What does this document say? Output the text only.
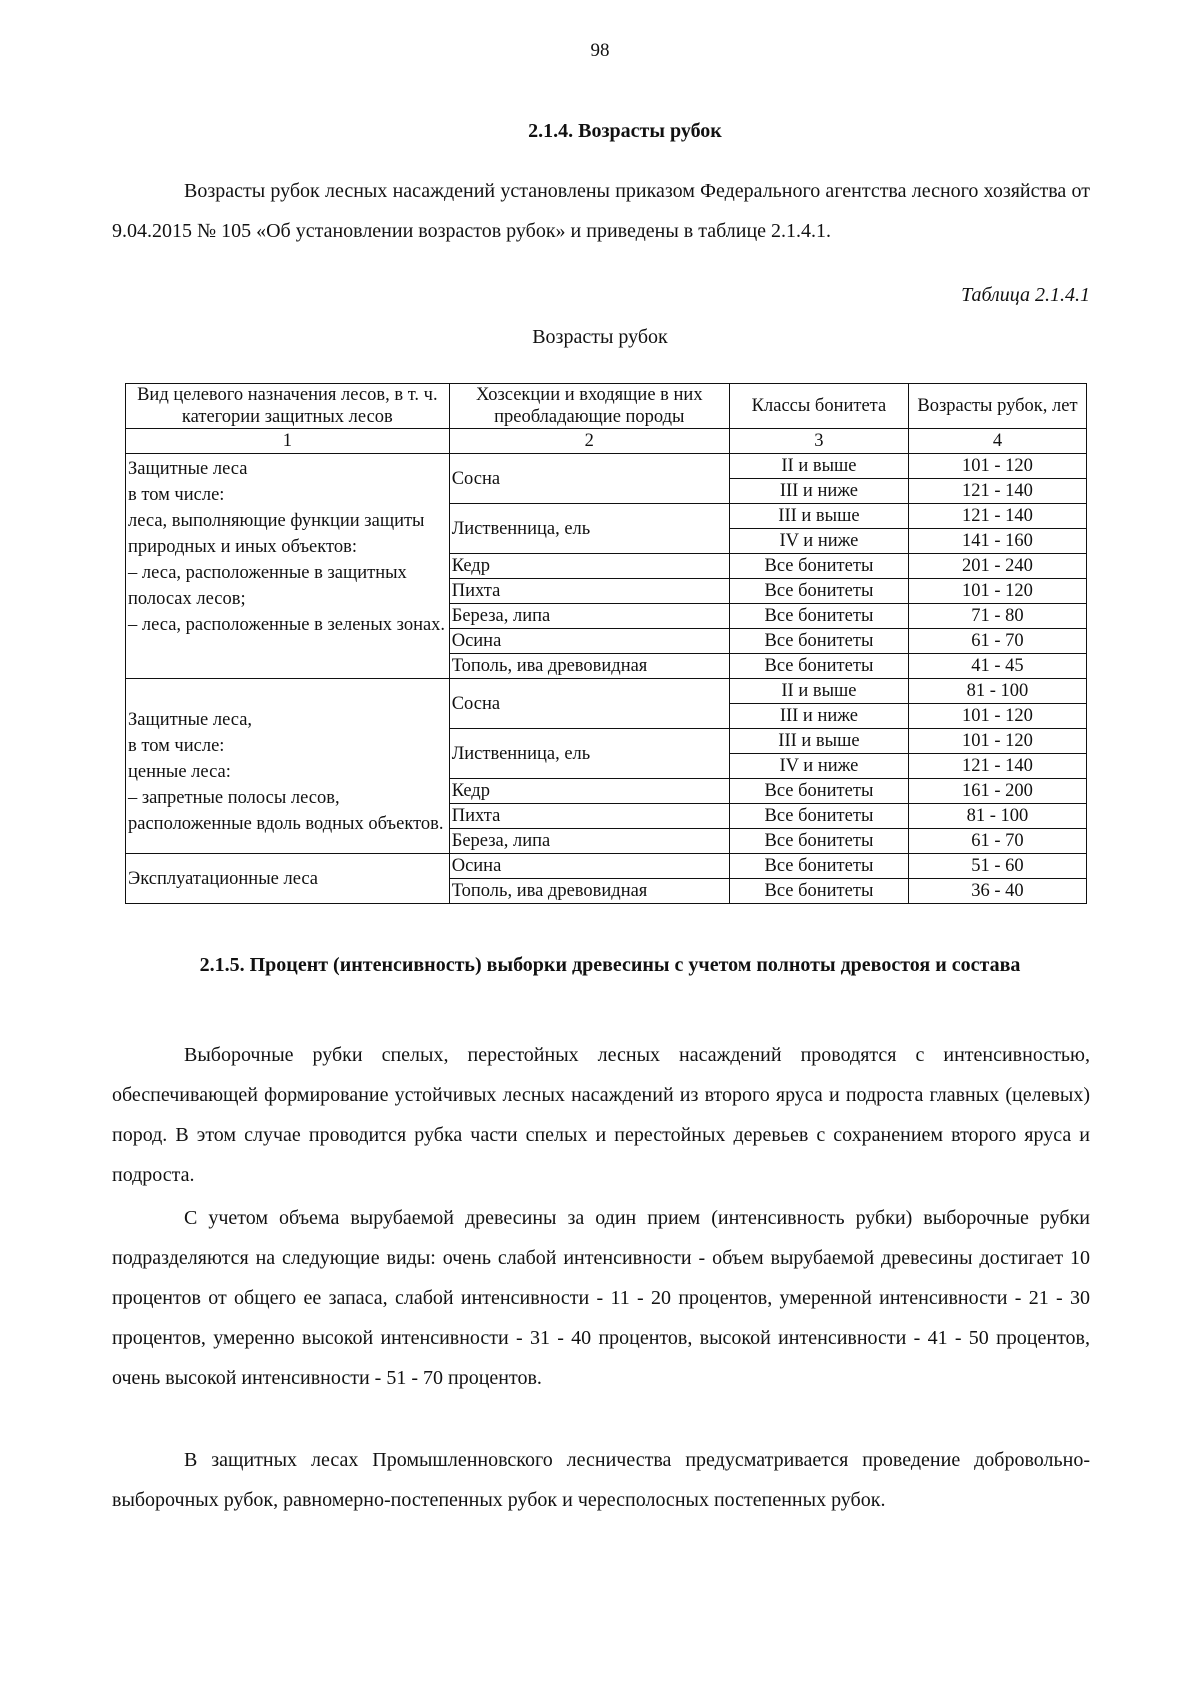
98
2.1.4. Возрасты рубок

Возрасты рубок лесных насаждений установлены приказом Федерального агентства лесного хозяйства от 9.04.2015 № 105 «Об установлении возрастов рубок» и приведены в таблице 2.1.4.1.

Таблица 2.1.4.1
Возрасты рубок
Вид целевого назначения лесов, в т. ч. категории защитных лесов	Хозсекции и входящие в них преобладающие породы	Классы бонитета	Возрасты рубок, лет
1	2	3	4
Защитные леса
в том числе:
леса, выполняющие функции защиты природных и иных объектов:
– леса, расположенные в защитных полосах лесов;
– леса, расположенные в зеленых зонах.	Сосна	II и выше	101 - 120
		III и ниже	121 - 140
	Лиственница, ель	III и выше	121 - 140
		IV и ниже	141 - 160
	Кедр	Все бонитеты	201 - 240
	Пихта	Все бонитеты	101 - 120
	Береза, липа	Все бонитеты	71 - 80
	Осина	Все бонитеты	61 - 70
	Тополь, ива древовидная	Все бонитеты	41 - 45

Защитные леса,
в том числе:
ценные леса:
– запретные полосы лесов, расположенные вдоль водных объектов.	Сосна	II и выше	81 - 100
		III и ниже	101 - 120
	Лиственница, ель	III и выше	101 - 120
		IV и ниже	121 - 140
	Кедр	Все бонитеты	161 - 200
	Пихта	Все бонитеты	81 - 100
	Береза, липа	Все бонитеты	61 - 70
Эксплуатационные леса	Осина	Все бонитеты	51 - 60
	Тополь, ива древовидная	Все бонитеты	36 - 40
2.1.5. Процент (интенсивность) выборки древесины с учетом полноты древостоя и состава

Выборочные рубки спелых, перестойных лесных насаждений проводятся с интенсивностью, обеспечивающей формирование устойчивых лесных насаждений из второго яруса и подроста главных (целевых) пород. В этом случае проводится рубка части спелых и перестойных деревьев с сохранением второго яруса и подроста.

С учетом объема вырубаемой древесины за один прием (интенсивность рубки) выборочные рубки подразделяются на следующие виды: очень слабой интенсивности - объем вырубаемой древесины достигает 10 процентов от общего ее запаса, слабой интенсивности - 11 - 20 процентов, умеренной интенсивности - 21 - 30 процентов, умеренно высокой интенсивности - 31 - 40 процентов, высокой интенсивности - 41 - 50 процентов, очень высокой интенсивности - 51 - 70 процентов.

В защитных лесах Промышленновского лесничества предусматривается проведение добровольно-выборочных рубок, равномерно-постепенных рубок и чересполосных постепенных рубок.
